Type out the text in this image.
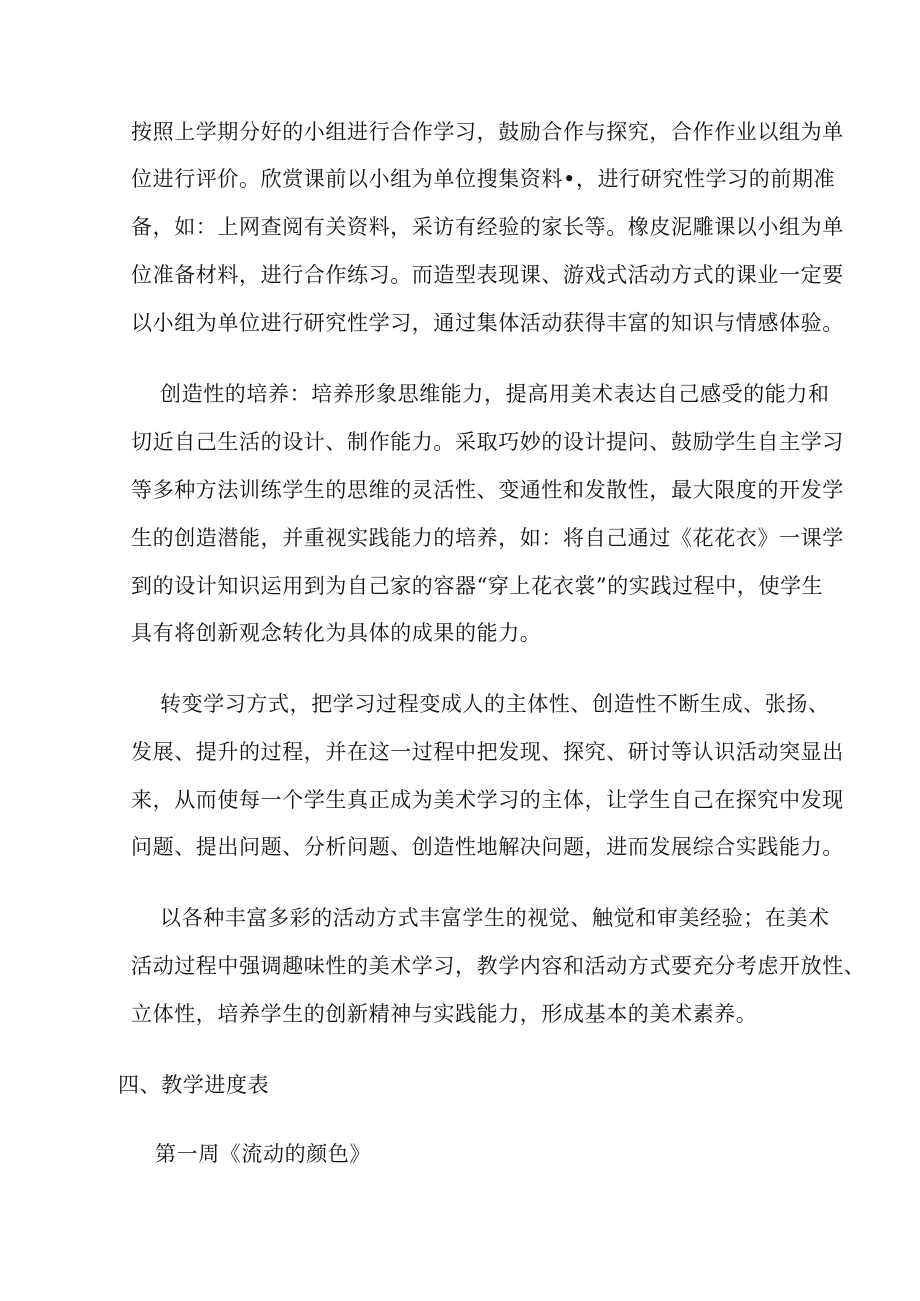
按照上学期分好的小组进行合作学习，鼓励合作与探究，合作作业以组为单
位进行评价。欣赏课前以小组为单位搜集资料•，进行研究性学习的前期准
备，如：上网查阅有关资料，采访有经验的家长等。橡皮泥雕课以小组为单
位准备材料，进行合作练习。而造型表现课、游戏式活动方式的课业一定要
以小组为单位进行研究性学习，通过集体活动获得丰富的知识与情感体验。
创造性的培养：培养形象思维能力，提高用美术表达自己感受的能力和
切近自己生活的设计、制作能力。采取巧妙的设计提问、鼓励学生自主学习
等多种方法训练学生的思维的灵活性、变通性和发散性，最大限度的开发学
生的创造潜能，并重视实践能力的培养，如：将自己通过《花花衣》一课学
到的设计知识运用到为自己家的容器“穿上花衣裳”的实践过程中，使学生
具有将创新观念转化为具体的成果的能力。
转变学习方式，把学习过程变成人的主体性、创造性不断生成、张扬、
发展、提升的过程，并在这一过程中把发现、探究、研讨等认识活动突显出
来，从而使每一个学生真正成为美术学习的主体，让学生自己在探究中发现
问题、提出问题、分析问题、创造性地解决问题，进而发展综合实践能力。
以各种丰富多彩的活动方式丰富学生的视觉、触觉和审美经验；在美术
活动过程中强调趣味性的美术学习，教学内容和活动方式要充分考虑开放性、
立体性，培养学生的创新精神与实践能力，形成基本的美术素养。
四、教学进度表
第一周《流动的颜色》
